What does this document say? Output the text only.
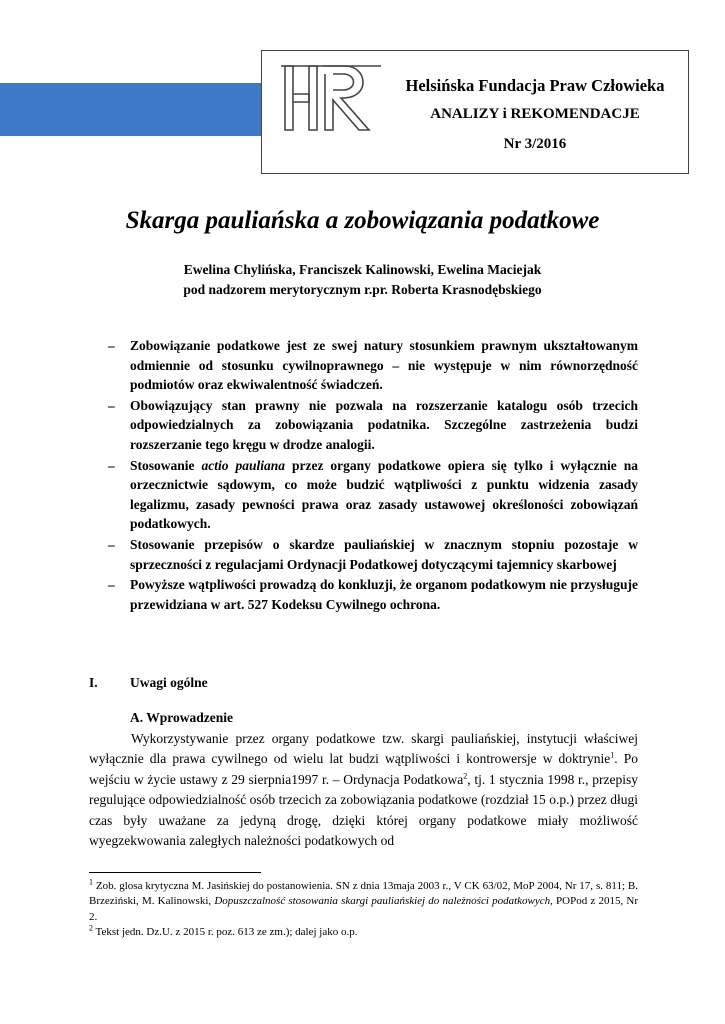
Helsińska Fundacja Praw Człowieka
ANALIZY i REKOMENDACJE
Nr 3/2016
Skarga pauliańska a zobowiązania podatkowe
Ewelina Chylińska, Franciszek Kalinowski, Ewelina Maciejak
pod nadzorem merytorycznym r.pr. Roberta Krasnodębskiego
–	Zobowiązanie podatkowe jest ze swej natury stosunkiem prawnym ukształtowanym odmiennie od stosunku cywilnoprawnego – nie występuje w nim równorzędność podmiotów oraz ekwiwalentność świadczeń.
–	Obowiązujący stan prawny nie pozwala na rozszerzanie katalogu osób trzecich odpowiedzialnych za zobowiązania podatnika. Szczególne zastrzeżenia budzi rozszerzanie tego kręgu w drodze analogii.
–	Stosowanie actio pauliana przez organy podatkowe opiera się tylko i wyłącznie na orzecznictwie sądowym, co może budzić wątpliwości z punktu widzenia zasady legalizmu, zasady pewności prawa oraz zasady ustawowej określoności zobowiązań podatkowych.
–	Stosowanie przepisów o skardze pauliańskiej w znacznym stopniu pozostaje w sprzeczności z regulacjami Ordynacji Podatkowej dotyczącymi tajemnicy skarbowej
–	Powyższe wątpliwości prowadzą do konkluzji, że organom podatkowym nie przysługuje przewidziana w art. 527 Kodeksu Cywilnego ochrona.
I. Uwagi ogólne
A. Wprowadzenie

Wykorzystywanie przez organy podatkowe tzw. skargi pauliańskiej, instytucji właściwej wyłącznie dla prawa cywilnego od wielu lat budzi wątpliwości i kontrowersje w doktrynie$^1$. Po wejściu w życie ustawy z 29 sierpnia1997 r. – Ordynacja Podatkowa$^2$, tj. 1 stycznia 1998 r., przepisy regulujące odpowiedzialność osób trzecich za zobowiązania podatkowe (rozdział 15 o.p.) przez długi czas były uważane za jedyną drogę, dzięki której organy podatkowe miały możliwość wyegzekwowania zaległych należności podatkowych od

$^1$ Zob. glosa krytyczna M. Jasińskiej do postanowienia. SN z dnia 13maja 2003 r., V CK 63/02, MoP 2004, Nr 17, s. 811; B. Brzeziński, M. Kalinowski, Dopuszczalność stosowania skargi pauliańskiej do należności podatkowych, POPod z 2015, Nr 2.
$^2$ Tekst jedn. Dz.U. z 2015 r. poz. 613 ze zm.); dalej jako o.p.
